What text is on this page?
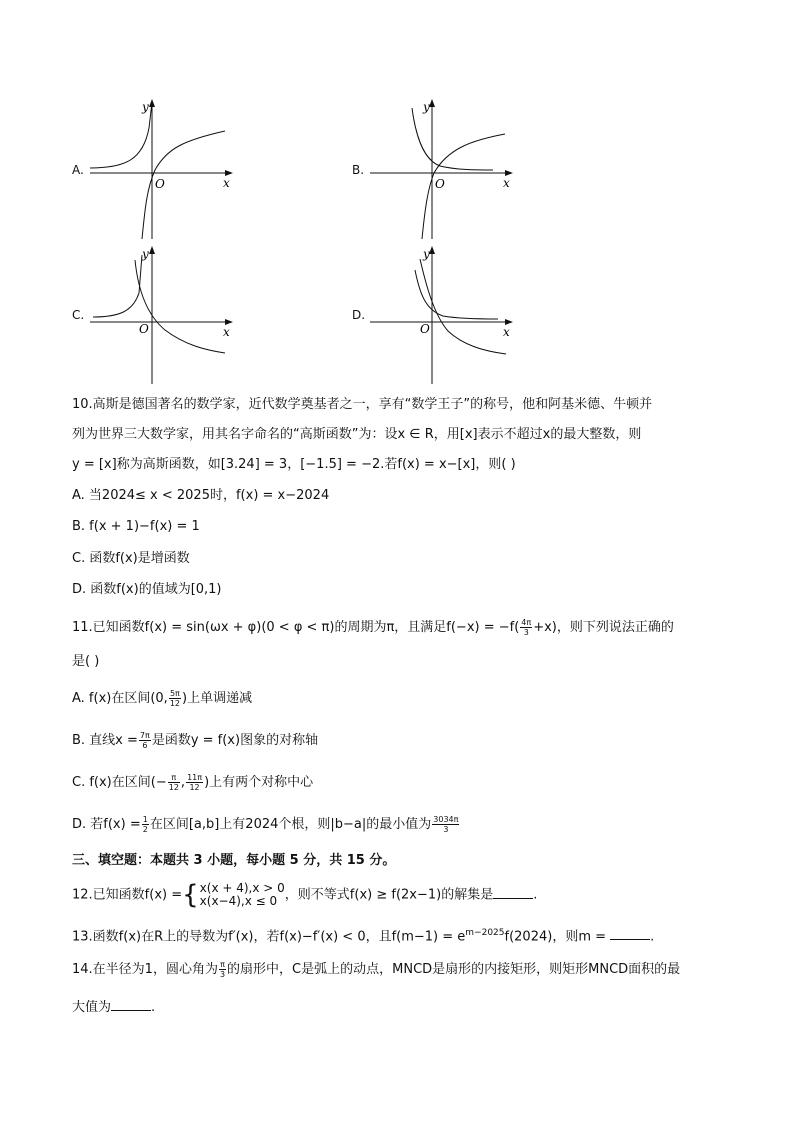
A.
O	x
y
B.
O	x
y
C.
O	x
y
D.
O	x
y
10.高斯是德国著名的数学家，近代数学奠基者之一，享有“数学王子”的称号，他和阿基米德、牛顿并
列为世界三大数学家，用其名字命名的“高斯函数”为：设x ∈ R，用[x]表示不超过x的最大整数，则
y = [x]称为高斯函数，如[3.24] = 3，[−1.5] = −2.若f(x) = x−[x]，则( )
A. 当2024≤ x < 2025时，f(x) = x−2024
B. f(x + 1)−f(x) = 1
C. 函数f(x)是增函数
D. 函数f(x)的值域为[0,1)
11.已知函数f(x) = sin(ωx + φ)(0 < φ < π)的周期为π，且满足$f(-x) = -f( \frac{4\pi}{3} +x)$，则下列说法正确的
是( )
A. f(x)在区间(0, $\frac{5\pi}{12}$ )上单调递减
B. 直线$x = \frac{7\pi}{6}$ 是函数y = f(x)图象的对称轴
C. f(x)在区间(− $\frac{\pi}{12}$ , $\frac{11\pi}{12}$ )上有两个对称中心
D. 若$f(x) = \frac{1}{2}$ 在区间[a,b]上有2024个根，则|b−a|的最小值为 $\frac{3034\pi}{3}$
三、填空题：本题共 3 小题，每小题 5 分，共 15 分。
12.已知函数f(x) ={ x(x + 4),x > 0
x(x−4),x ≤ 0 ，则不等式f(x) ≥ f(2x−1)的解集是	.
13.函数f(x)在R上的导数为f′(x)，若f(x)−f′(x) < 0，且$f(m-1) = e^{m-2025}f(2024)$，则m =	.
14.在半径为1，圆心角为 $\frac{\pi}{3}$ 的扇形中，C是弧上的动点，MNCD是扇形的内接矩形，则矩形MNCD面积的最
大值为	.
